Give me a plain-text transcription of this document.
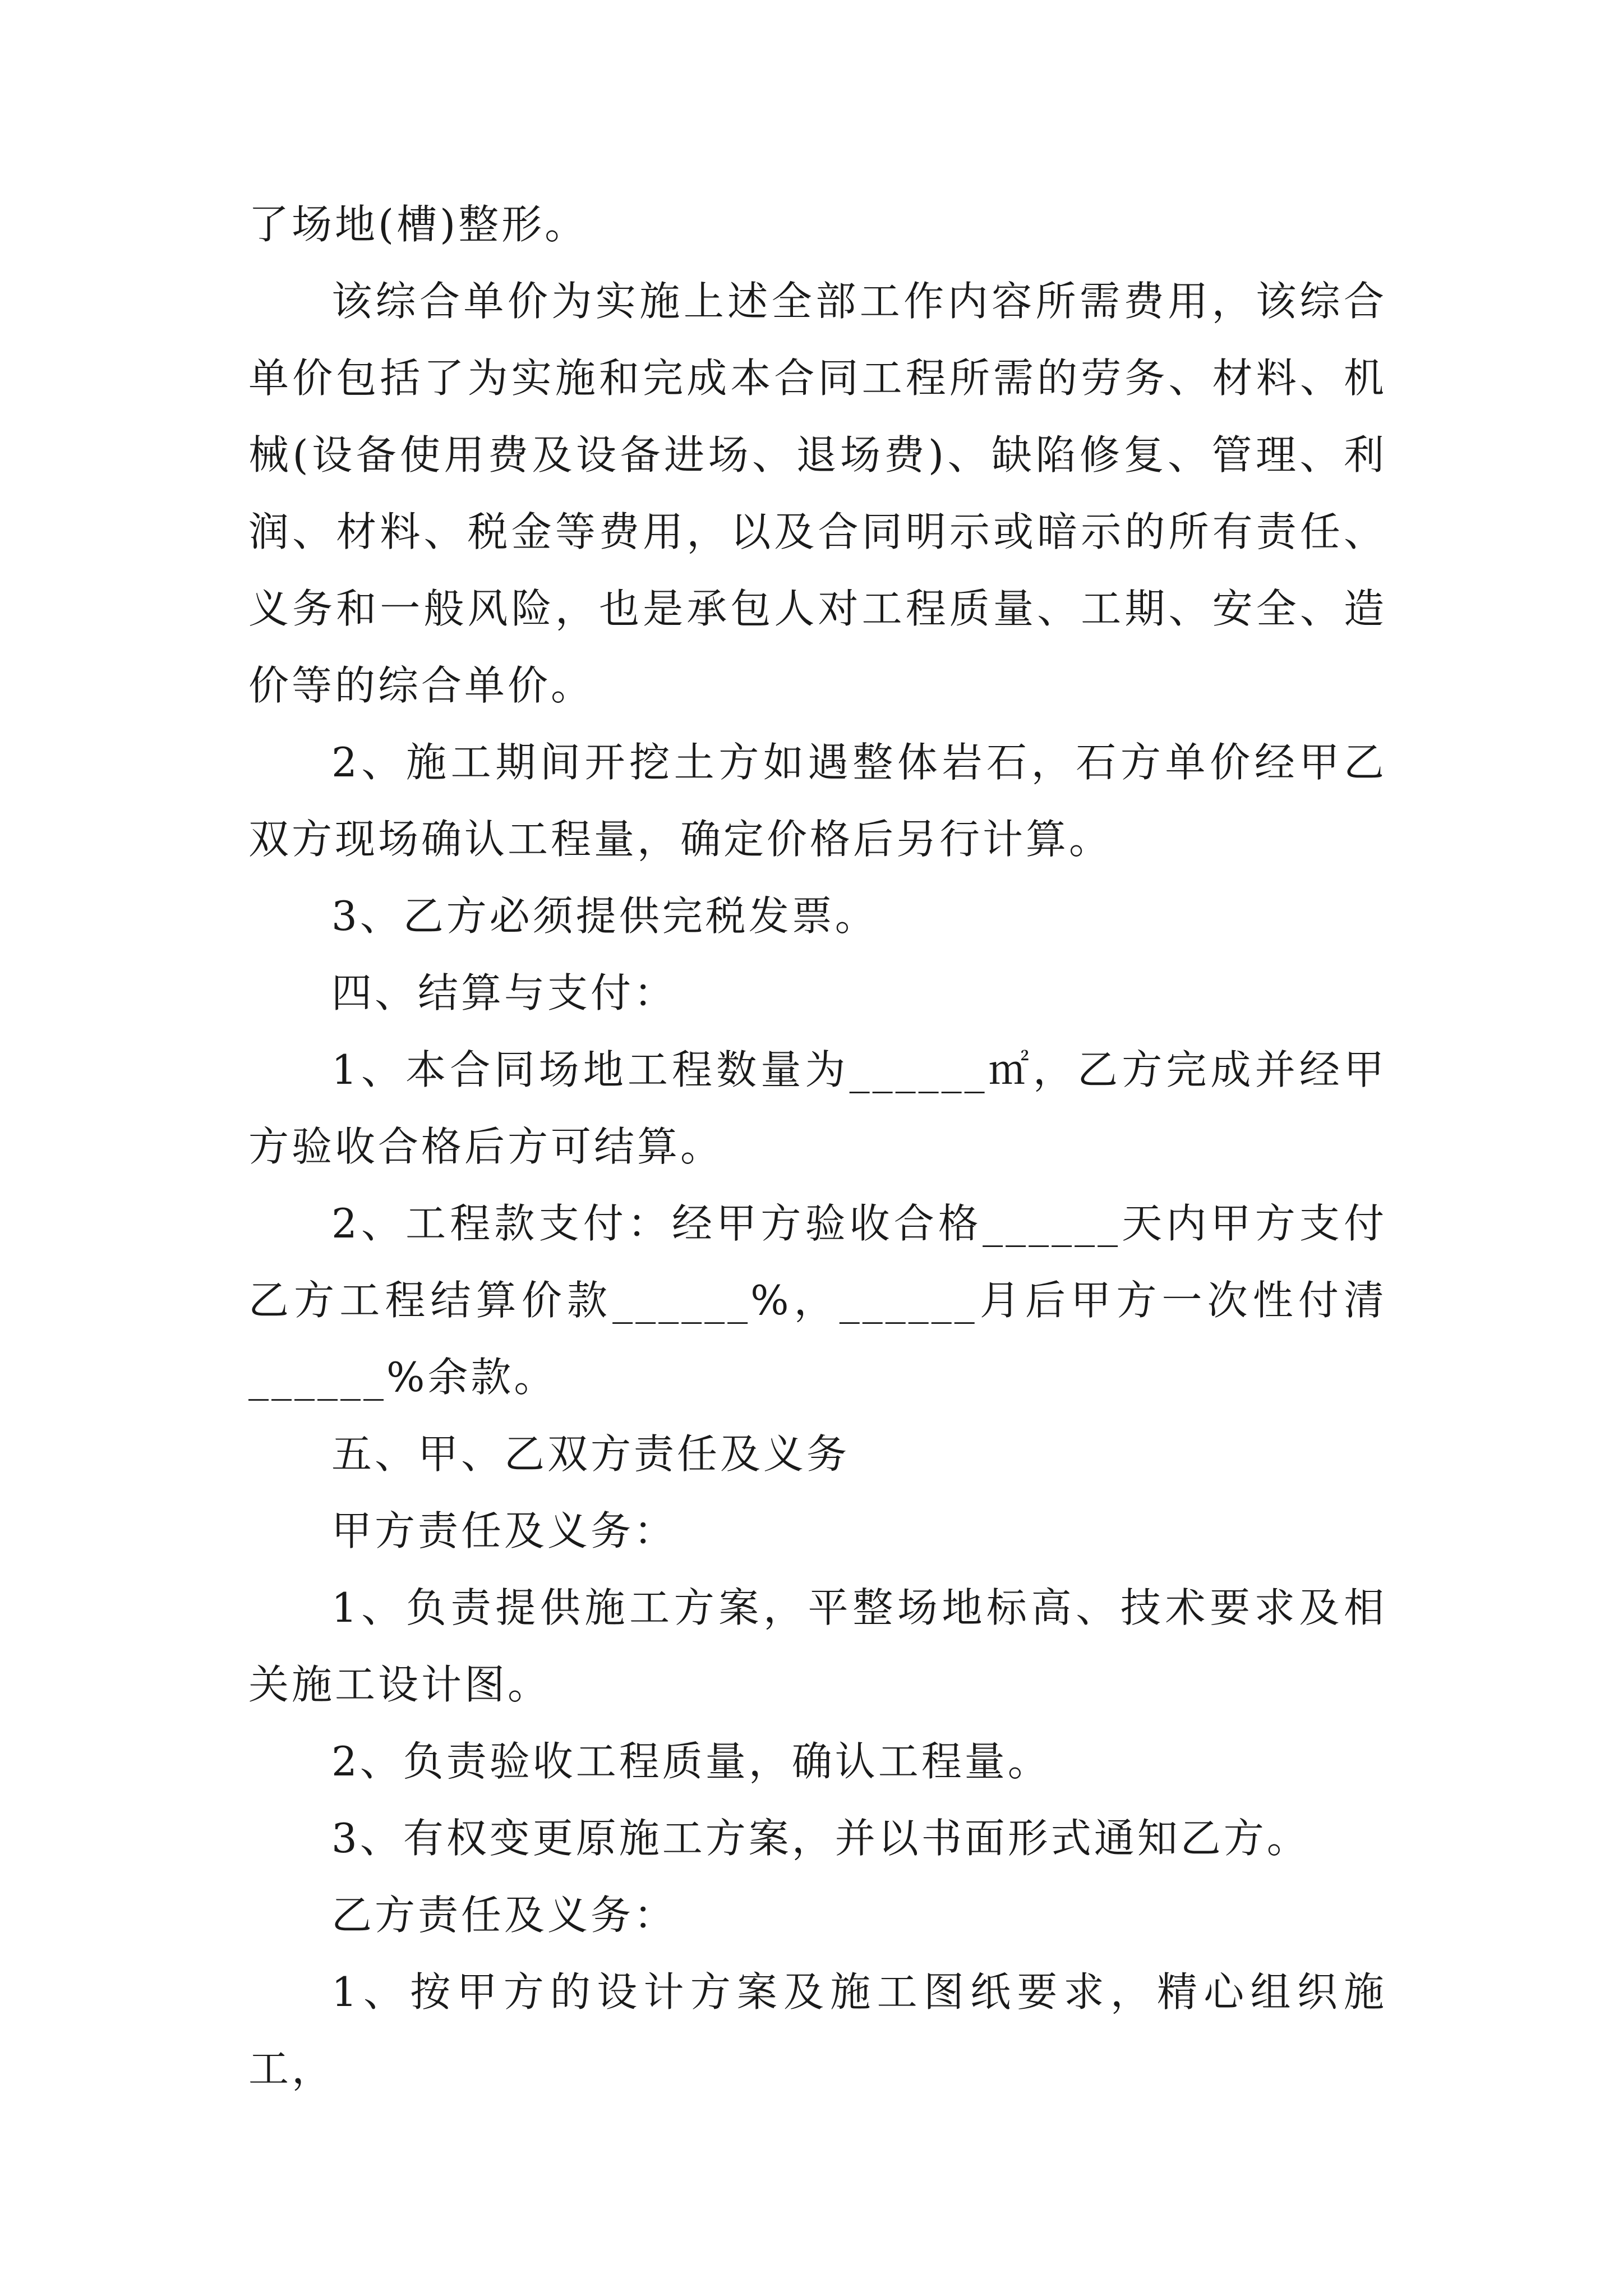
了场地(槽)整形。

该综合单价为实施上述全部工作内容所需费用，该综合单价包括了为实施和完成本合同工程所需的劳务、材料、机械(设备使用费及设备进场、退场费)、缺陷修复、管理、利润、材料、税金等费用，以及合同明示或暗示的所有责任、义务和一般风险，也是承包人对工程质量、工期、安全、造价等的综合单价。

2、施工期间开挖土方如遇整体岩石，石方单价经甲乙双方现场确认工程量，确定价格后另行计算。

3、乙方必须提供完税发票。

四、结算与支付：

1、本合同场地工程数量为______㎡，乙方完成并经甲方验收合格后方可结算。

2、工程款支付：经甲方验收合格______天内甲方支付乙方工程结算价款______%，______月后甲方一次性付清______%余款。

五、甲、乙双方责任及义务

甲方责任及义务：

1、负责提供施工方案，平整场地标高、技术要求及相关施工设计图。

2、负责验收工程质量，确认工程量。

3、有权变更原施工方案，并以书面形式通知乙方。

乙方责任及义务：

1、按甲方的设计方案及施工图纸要求，精心组织施工，
